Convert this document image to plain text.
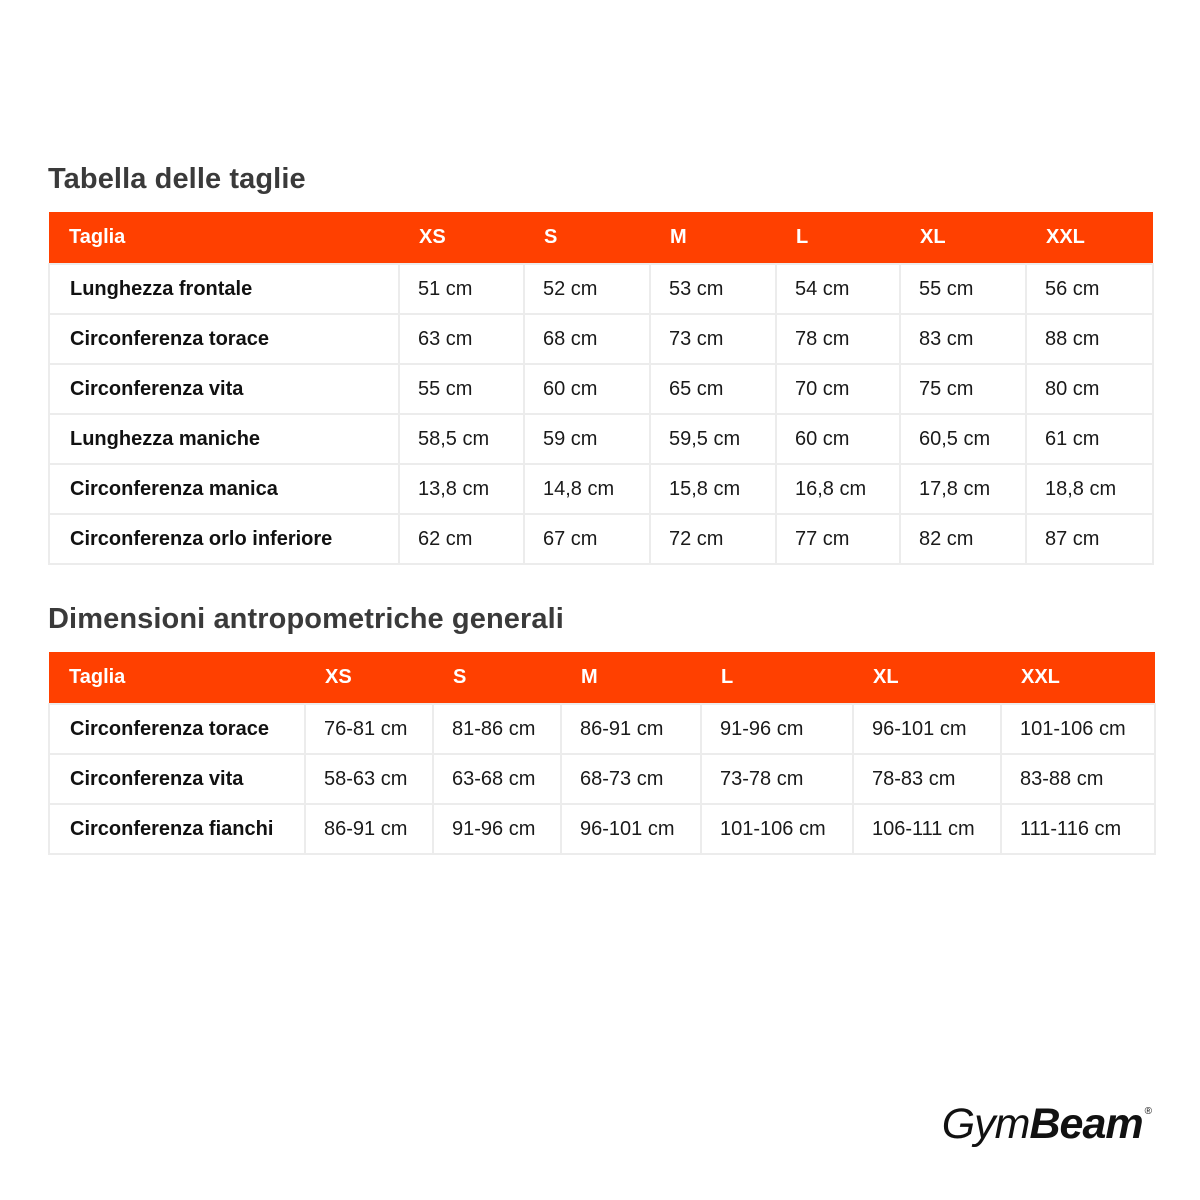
Tabella delle taglie
Taglia	XS	S	M	L	XL	XXL
Lunghezza frontale	51 cm	52 cm	53 cm	54 cm	55 cm	56 cm
Circonferenza torace	63 cm	68 cm	73 cm	78 cm	83 cm	88 cm
Circonferenza vita	55 cm	60 cm	65 cm	70 cm	75 cm	80 cm
Lunghezza maniche	58,5 cm	59 cm	59,5 cm	60 cm	60,5 cm	61 cm
Circonferenza manica	13,8 cm	14,8 cm	15,8 cm	16,8 cm	17,8 cm	18,8 cm
Circonferenza orlo inferiore	62 cm	67 cm	72 cm	77 cm	82 cm	87 cm
Dimensioni antropometriche generali
Taglia	XS	S	M	L	XL	XXL
Circonferenza torace	76-81 cm	81-86 cm	86-91 cm	91-96 cm	96-101 cm	101-106 cm
Circonferenza vita	58-63 cm	63-68 cm	68-73 cm	73-78 cm	78-83 cm	83-88 cm
Circonferenza fianchi	86-91 cm	91-96 cm	96-101 cm	101-106 cm	106-111 cm	111-116 cm
GymBeam ®
